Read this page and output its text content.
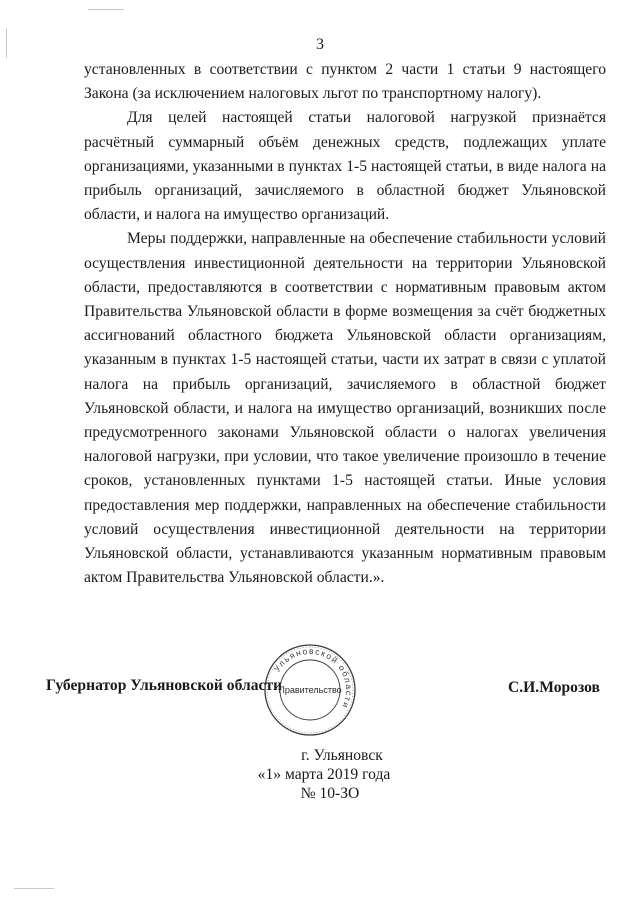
3

установленных в соответствии с пунктом 2 части 1 статьи 9 настоящего Закона (за исключением налоговых льгот по транспортному налогу).

Для целей настоящей статьи налоговой нагрузкой признаётся расчётный суммарный объём денежных средств, подлежащих уплате организациями, указанными в пунктах 1-5 настоящей статьи, в виде налога на прибыль организаций, зачисляемого в областной бюджет Ульяновской области, и налога на имущество организаций.

Меры поддержки, направленные на обеспечение стабильности условий осуществления инвестиционной деятельности на территории Ульяновской области, предоставляются в соответствии с нормативным правовым актом Правительства Ульяновской области в форме возмещения за счёт бюджетных ассигнований областного бюджета Ульяновской области организациям, указанным в пунктах 1-5 настоящей статьи, части их затрат в связи с уплатой налога на прибыль организаций, зачисляемого в областной бюджет Ульяновской области, и налога на имущество организаций, возникших после предусмотренного законами Ульяновской области о налогах увеличения налоговой нагрузки, при условии, что такое увеличение произошло в течение сроков, установленных пунктами 1-5 настоящей статьи. Иные условия предоставления мер поддержки, направленных на обеспечение стабильности условий осуществления инвестиционной деятельности на территории Ульяновской области, устанавливаются указанным нормативным правовым актом Правительства Ульяновской области.».

Губернатор Ульяновской области
Ульяновской области
Правительство	С.И.Морозов
г. Ульяновск
«1» марта 2019 года
№ 10-ЗО
